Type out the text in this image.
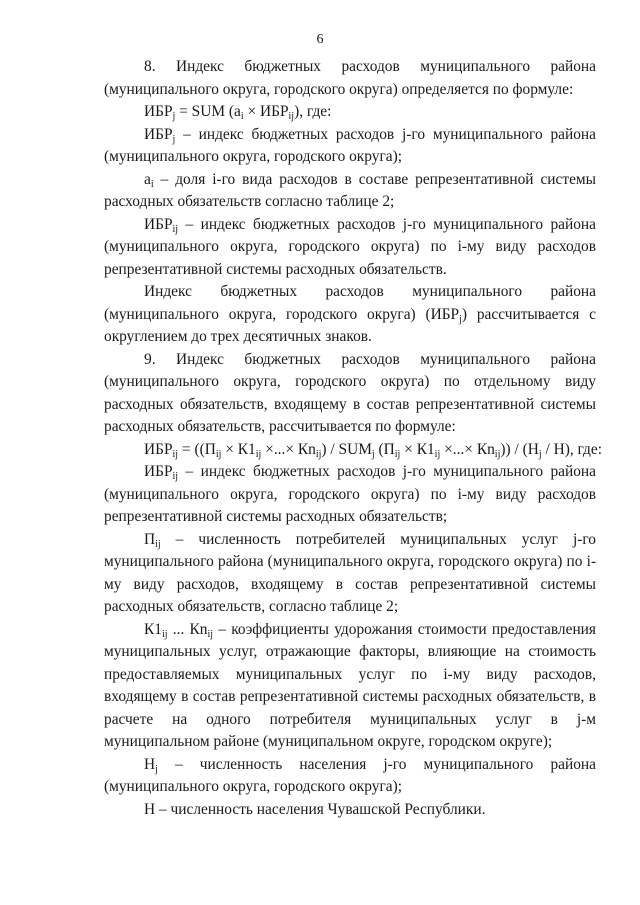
6

8. Индекс бюджетных расходов муниципального района (муниципального округа, городского округа) определяется по формуле:

$ИБР_j$ = SUM $(a_i \times ИБР_{ij})$, где:

$ИБР_j$ – индекс бюджетных расходов j-го муниципального района (муниципального округа, городского округа);

$a_i$ – доля i-го вида расходов в составе репрезентативной системы расходных обязательств согласно таблице 2;

$ИБР_{ij}$ – индекс бюджетных расходов j-го муниципального района (муниципального округа, городского округа) по i-му виду расходов репрезентативной системы расходных обязательств.

Индекс бюджетных расходов муниципального района (муниципального округа, городского округа) $(ИБР_j)$ рассчитывается с округлением до трех десятичных знаков.

9. Индекс бюджетных расходов муниципального района (муниципального округа, городского округа) по отдельному виду расходных обязательств, входящему в состав репрезентативной системы расходных обязательств, рассчитывается по формуле:

$ИБР_{ij} = ((П_{ij} \times К1_{ij}$ ×...× $Кn_{ij}) / SUM_j$ ($П_{ij} \times К1_{ij}$ ×...× $Кn_{ij})) / (Н_j / Н)$, где:

$ИБР_{ij}$ – индекс бюджетных расходов j-го муниципального района (муниципального округа, городского округа) по i-му виду расходов репрезентативной системы расходных обязательств;

$П_{ij}$ – численность потребителей муниципальных услуг j-го муниципального района (муниципального округа, городского округа) по i-му виду расходов, входящему в состав репрезентативной системы расходных обязательств, согласно таблице 2;

$К1_{ij}$ ... $Кn_{ij}$ – коэффициенты удорожания стоимости предоставления муниципальных услуг, отражающие факторы, влияющие на стоимость предоставляемых муниципальных услуг по i-му виду расходов, входящему в состав репрезентативной системы расходных обязательств, в расчете на одного потребителя муниципальных услуг в j-м муниципальном районе (муниципальном округе, городском округе);

$Н_j$ – численность населения j-го муниципального района (муниципального округа, городского округа);

Н – численность населения Чувашской Республики.
